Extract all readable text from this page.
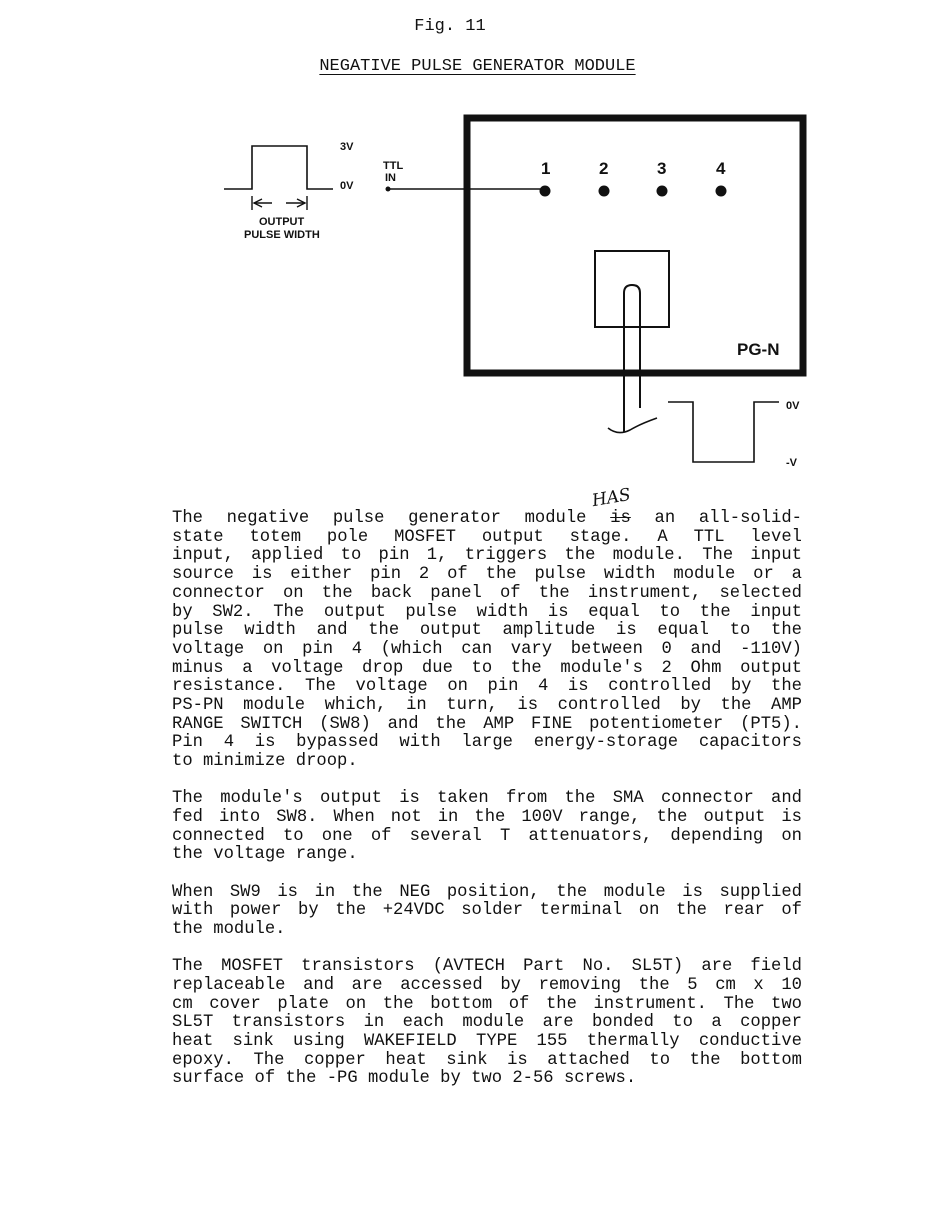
Fig. 11
NEGATIVE PULSE GENERATOR MODULE
3V
0V
OUTPUT
PULSE WIDTH
TTL
IN	1	2	3	4
PG-N
0V
-V
HAS
The negative pulse generator module is an all-solid-
state totem pole MOSFET output stage. A TTL level
input, applied to pin 1, triggers the module. The input
source is either pin 2 of the pulse width module or a
connector on the back panel of the instrument, selected
by SW2. The output pulse width is equal to the input
pulse width and the output amplitude is equal to the
voltage on pin 4 (which can vary between 0 and -110V)
minus a voltage drop due to the module's 2 Ohm output
resistance. The voltage on pin 4 is controlled by the
PS-PN module which, in turn, is controlled by the AMP
RANGE SWITCH (SW8) and the AMP FINE potentiometer (PT5).
Pin 4 is bypassed with large energy-storage capacitors
to minimize droop.
The module's output is taken from the SMA connector and
fed into SW8. When not in the 100V range, the output is
connected to one of several T attenuators, depending on
the voltage range.
When SW9 is in the NEG position, the module is supplied
with power by the +24VDC solder terminal on the rear of
the module.
The MOSFET transistors (AVTECH Part No. SL5T) are field
replaceable and are accessed by removing the 5 cm x 10
cm cover plate on the bottom of the instrument. The two
SL5T transistors in each module are bonded to a copper
heat sink using WAKEFIELD TYPE 155 thermally conductive
epoxy. The copper heat sink is attached to the bottom
surface of the -PG module by two 2-56 screws.
